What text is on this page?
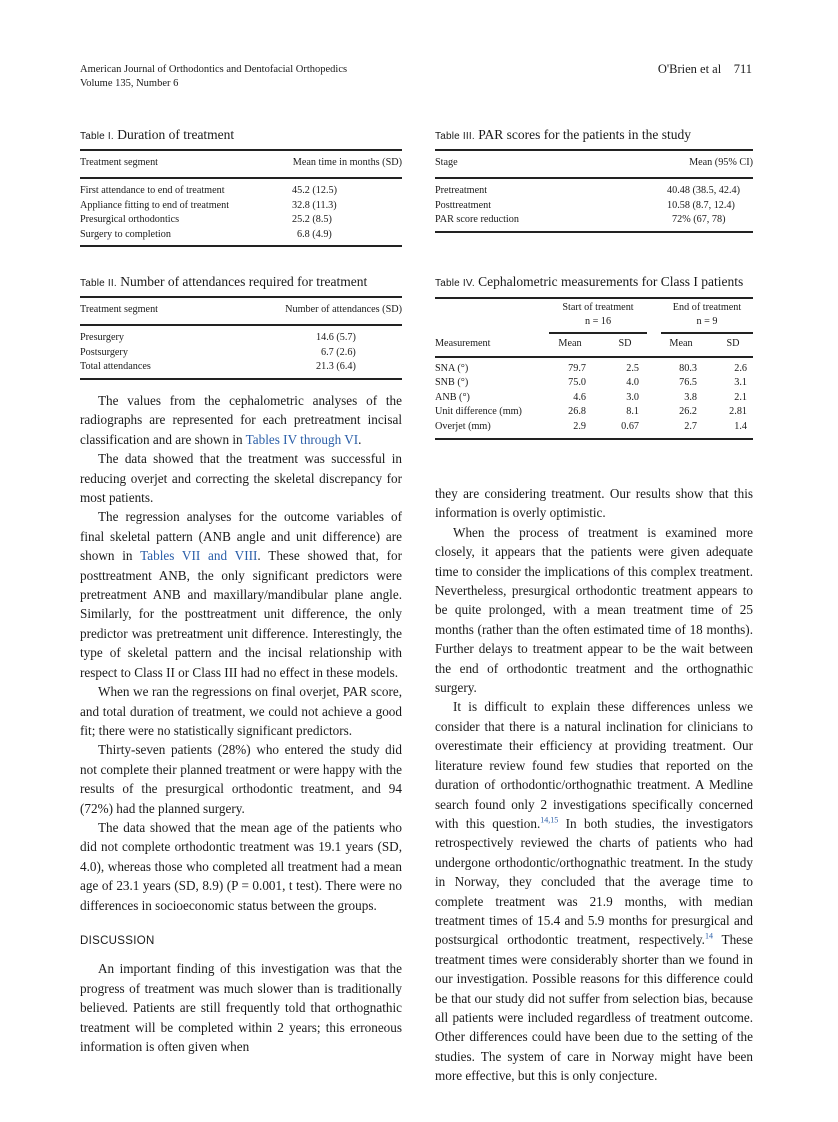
American Journal of Orthodontics and Dentofacial Orthopedics
Volume 135, Number 6
O'Brien et al 711
Table I. Duration of treatment
Treatment segment	Mean time in months (SD)
First attendance to end of treatment	45.2 (12.5)
Appliance fitting to end of treatment	32.8 (11.3)
Presurgical orthodontics	25.2 (8.5)
Surgery to completion	6.8 (4.9)
Table II. Number of attendances required for treatment
Treatment segment	Number of attendances (SD)
Presurgery	14.6 (5.7)
Postsurgery	6.7 (2.6)
Total attendances	21.3 (6.4)
Table III. PAR scores for the patients in the study
Stage	Mean (95% CI)
Pretreatment	40.48 (38.5, 42.4)
Posttreatment	10.58 (8.7, 12.4)
PAR score reduction	72% (67, 78)
Table IV. Cephalometric measurements for Class I patients
Start of treatment
n = 16
End of treatment
n = 9
Measurement	Mean	SD	Mean	SD
SNA (°)	79.7	2.5	80.3	2.6
SNB (°)	75.0	4.0	76.5	3.1
ANB (°)	4.6	3.0	3.8	2.1
Unit difference (mm)	26.8	8.1	26.2	2.81
Overjet (mm)	2.9	0.67	2.7	1.4

The values from the cephalometric analyses of the radiographs are represented for each pretreatment incisal classification and are shown in Tables IV through VI.

The data showed that the treatment was successful in reducing overjet and correcting the skeletal discrepancy for most patients.

The regression analyses for the outcome variables of final skeletal pattern (ANB angle and unit difference) are shown in Tables VII and VIII. These showed that, for posttreatment ANB, the only significant predictors were pretreatment ANB and maxillary/mandibular plane angle. Similarly, for the posttreatment unit difference, the only predictor was pretreatment unit difference. Interestingly, the type of skeletal pattern and the incisal relationship with respect to Class II or Class III had no effect in these models.

When we ran the regressions on final overjet, PAR score, and total duration of treatment, we could not achieve a good fit; there were no statistically significant predictors.

Thirty-seven patients (28%) who entered the study did not complete their planned treatment or were happy with the results of the presurgical orthodontic treatment, and 94 (72%) had the planned surgery.

The data showed that the mean age of the patients who did not complete orthodontic treatment was 19.1 years (SD, 4.0), whereas those who completed all treatment had a mean age of 23.1 years (SD, 8.9) (P = 0.001, t test). There were no differences in socioeconomic status between the groups.

DISCUSSION

An important finding of this investigation was that the progress of treatment was much slower than is traditionally believed. Patients are still frequently told that orthognathic treatment will be completed within 2 years; this erroneous information is often given when

they are considering treatment. Our results show that this information is overly optimistic.

When the process of treatment is examined more closely, it appears that the patients were given adequate time to consider the implications of this complex treatment. Nevertheless, presurgical orthodontic treatment appears to be quite prolonged, with a mean treatment time of 25 months (rather than the often estimated time of 18 months). Further delays to treatment appear to be the wait between the end of orthodontic treatment and the orthognathic surgery.

It is difficult to explain these differences unless we consider that there is a natural inclination for clinicians to overestimate their efficiency at providing treatment. Our literature review found few studies that reported on the duration of orthodontic/orthognathic treatment. A Medline search found only 2 investigations specifically concerned with this question.$^{14,15}$ In both studies, the investigators retrospectively reviewed the charts of patients who had undergone orthodontic/orthognathic treatment. In the study in Norway, they concluded that the average time to complete treatment was 21.9 months, with median treatment times of 15.4 and 5.9 months for presurgical and postsurgical orthodontic treatment, respectively.$^{14}$ These treatment times were considerably shorter than we found in our investigation. Possible reasons for this difference could be that our study did not suffer from selection bias, because all patients were included regardless of treatment outcome. Other differences could have been due to the setting of the studies. The system of care in Norway might have been more effective, but this is only conjecture.
